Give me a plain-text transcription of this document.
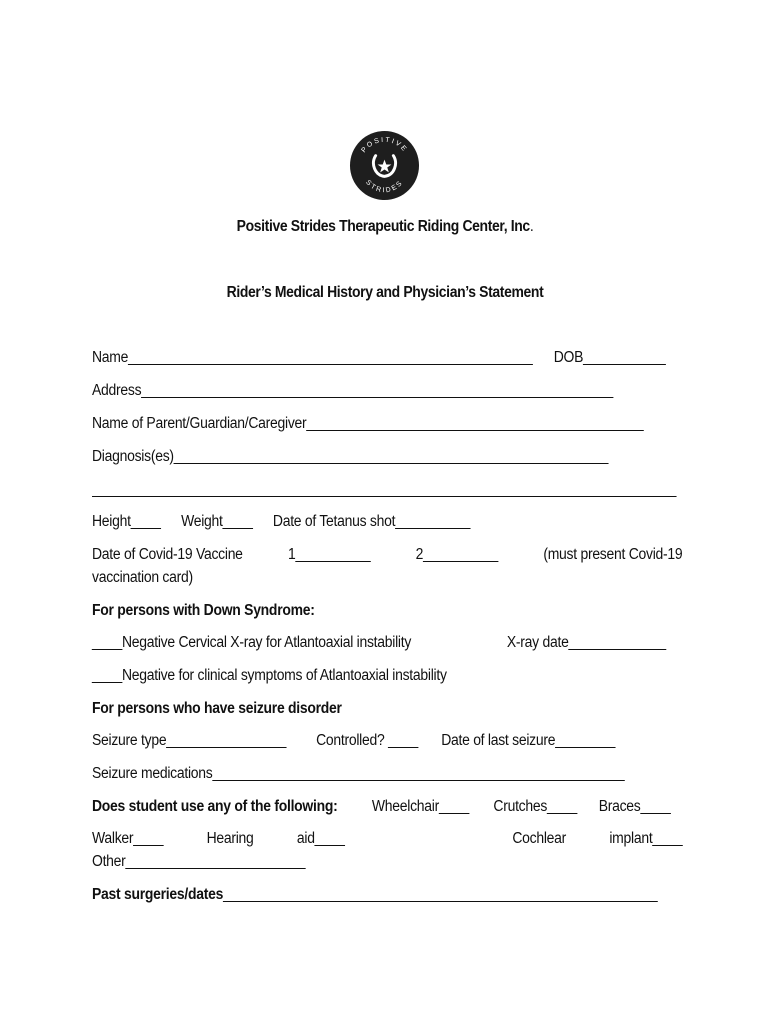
POSITIVE
STRIDES
Positive Strides Therapeutic Riding Center, Inc.
Rider’s Medical History and Physician’s Statement
Name______________________________________________________ DOB___________
Address_______________________________________________________________
Name of Parent/Guardian/Caregiver_____________________________________________
Diagnosis(es)__________________________________________________________
______________________________________________________________________________
Height____ Weight____ Date of Tetanus shot__________
Date of Covid-19 Vaccine	1__________	2__________	(must present Covid-19
vaccination card)
For persons with Down Syndrome:
____Negative Cervical X-ray for Atlantoaxial instability	X-ray date_____________
____Negative for clinical symptoms of Atlantoaxial instability
For persons who have seizure disorder
Seizure type________________ Controlled? ____ Date of last seizure________
Seizure medications_______________________________________________________
Does student use any of the following: Wheelchair____ Crutches____ Braces____
Walker____	Hearing	aid____	Cochlear	implant____
Other________________________
Past surgeries/dates__________________________________________________________
